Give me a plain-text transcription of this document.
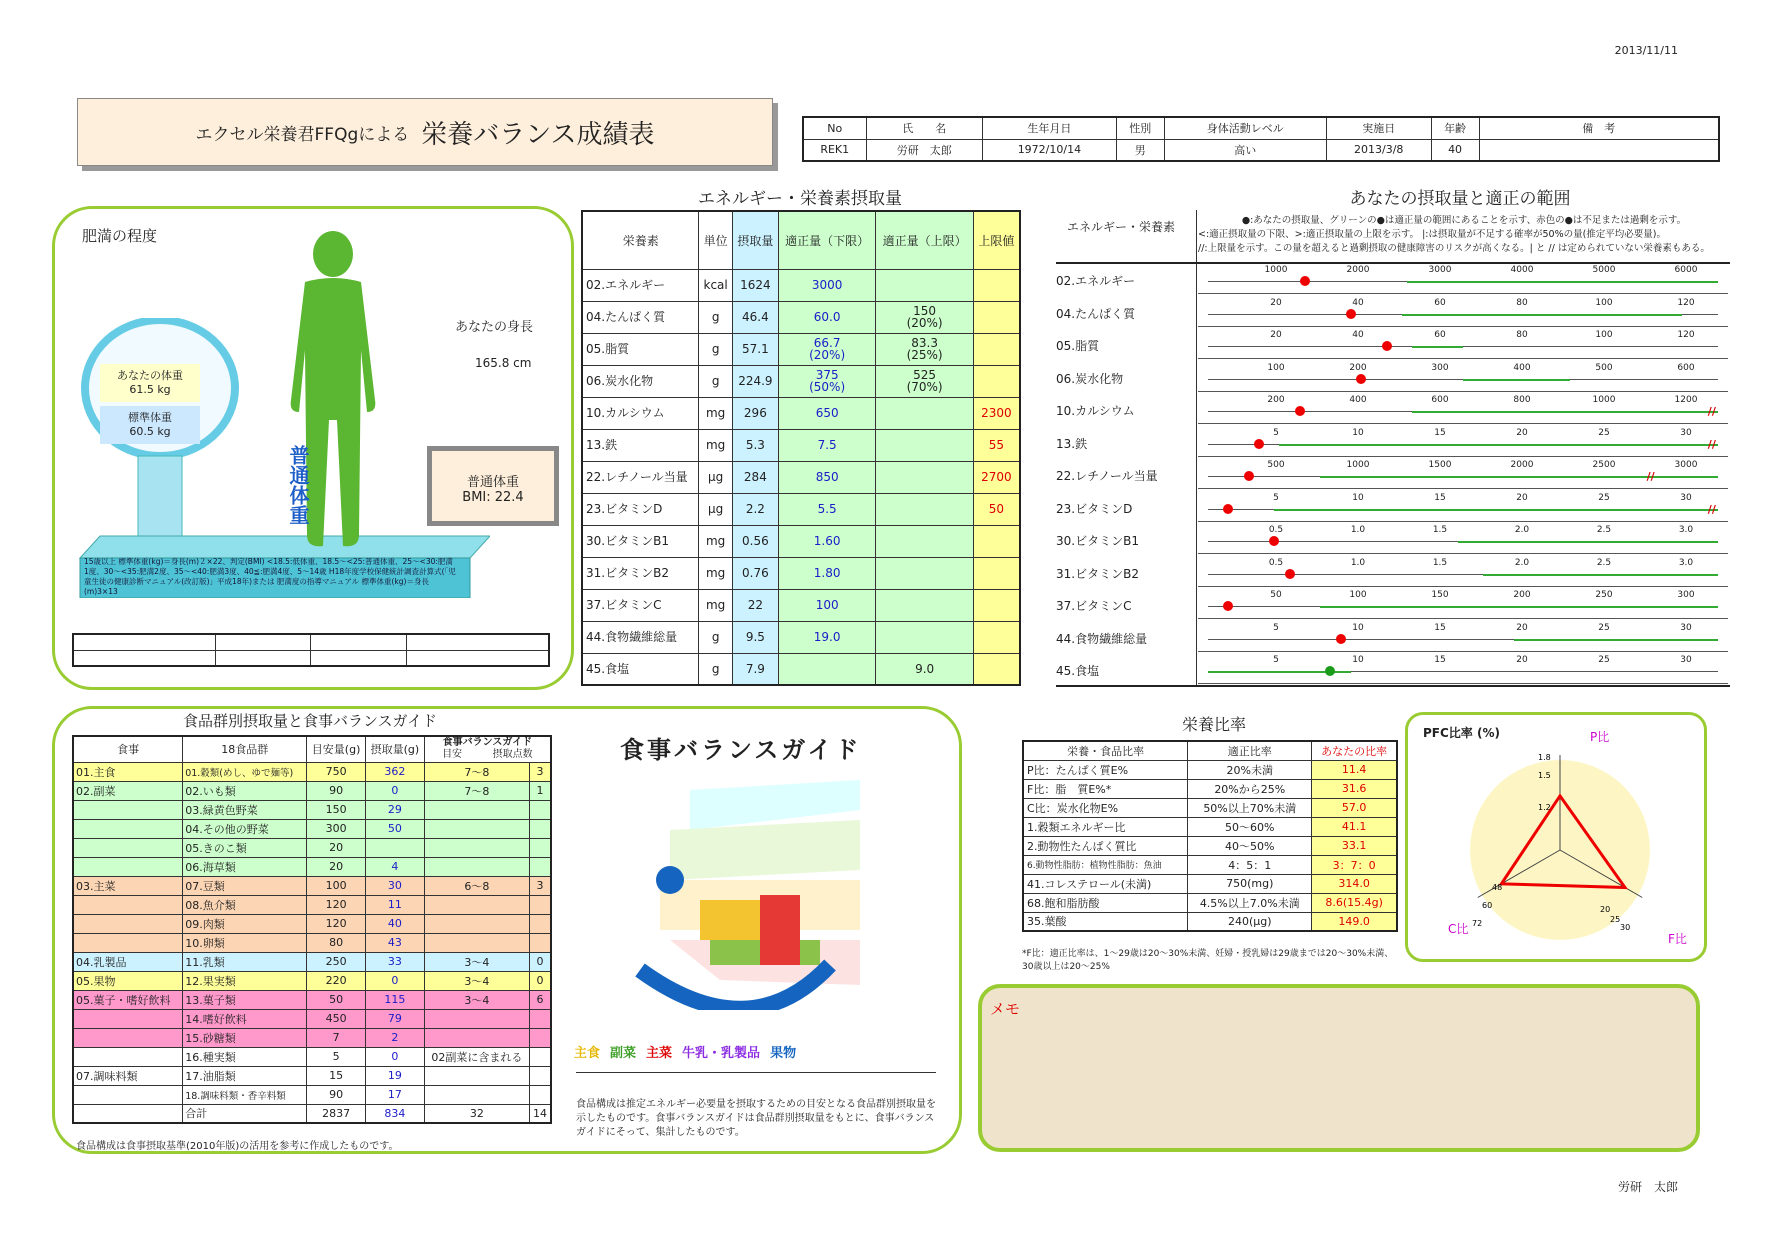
2013/11/11
労研　太郎
エクセル栄養君FFQgによる 栄養バランス成績表	No	氏　　名	生年月日	性別	身体活動レベル	実施日	年齢	備　考
REK1	労研　太郎	1972/10/14	男	高い	2013/3/8	40	
肥満の程度
あなたの身長
165.8 cm
あなたの体重
61.5 kg
標準体重
60.5 kg
普通体重	普通体重
BMI: 22.4
15歳以上 標準体重(kg)＝身長(m)２×22、判定(BMI) <18.5:低体重、18.5～<25:普通体重、25～<30:肥満1度、30～<35:肥満2度、35～<40:肥満3度、40≦:肥満4度、5～14歳 H18年度学校保健統計調査計算式(「児童生徒の健康診断マニュアル(改訂版)」平成18年)または 肥満度の指導マニュアル 標準体重(kg)＝身長(m)3×13

エネルギー・栄養素摂取量
栄養素	単位	摂取量	適正量（下限）	適正量（上限）	上限値
02.エネルギー	kcal	1624	3000		
04.たんぱく質	g	46.4	60.0	150
(20%)	
05.脂質	g	57.1	66.7
(20%)	83.3
(25%)	
06.炭水化物	g	224.9	375
(50%)	525
(70%)	
10.カルシウム	mg	296	650		2300
13.鉄	mg	5.3	7.5		55
22.レチノール当量	μg	284	850		2700
23.ビタミンD	μg	2.2	5.5		50
30.ビタミンB1	mg	0.56	1.60		
31.ビタミンB2	mg	0.76	1.80		
37.ビタミンC	mg	22	100		
44.食物繊維総量	g	9.5	19.0		
45.食塩	g	7.9		9.0	
あなたの摂取量と適正の範囲
エネルギー・栄養素	●:あなたの摂取量、グリーンの●は適正量の範囲にあることを示す、赤色の●は不足または過剰を示す。
<:適正摂取量の下限、>:適正摂取量の上限を示す。 |:は摂取量が不足する確率が50%の量(推定平均必要量)。
//:上限量を示す。この量を超えると過剰摂取の健康障害のリスクが高くなる。| と // は定められていない栄養素もある。
02.エネルギー
1000	2000	3000	4000	5000	6000
04.たんぱく質
20	40	60	80	100	120
05.脂質
20	40	60	80	100	120
06.炭水化物
100	200	300	400	500	600
10.カルシウム
200	400	600	800	1000	1200
//
13.鉄
5	10	15	20	25	30
//
22.レチノール当量
500	1000	1500	2000	2500	3000
//
23.ビタミンD
5	10	15	20	25	30
//
30.ビタミンB1
0.5	1.0	1.5	2.0	2.5	3.0
31.ビタミンB2
0.5	1.0	1.5	2.0	2.5	3.0
37.ビタミンC
50	100	150	200	250	300
44.食物繊維総量
5	10	15	20	25	30
45.食塩
5	10	15	20	25	30
食品群別摂取量と食事バランスガイド
食事	18食品群	目安量(g)	摂取量(g)	食事バランスガイド
目安 摂取点数	

01.主食	01.穀類(めし、ゆで麺等)	750	362	7～8	3
02.副菜	02.いも類	90	0	7～8	1
	03.緑黄色野菜	150	29		
	04.その他の野菜	300	50		
	05.きのこ類	20			
	06.海草類	20	4		
03.主菜	07.豆類	100	30	6～8	3
	08.魚介類	120	11		
	09.肉類	120	40		
	10.卵類	80	43		
04.乳製品	11.乳類	250	33	3～4	0
05.果物	12.果実類	220	0	3～4	0
05.菓子・嗜好飲料	13.菓子類	50	115	3～4	6
	14.嗜好飲料	450	79		
	15.砂糖類	7	2		
	16.種実類	5	0	02副菜に含まれる	
07.調味料類	17.油脂類	15	19		
	18.調味料類・香辛料類	90	17		
	合計	2837	834	32	14
食品構成は食事摂取基準(2010年版)の活用を参考に作成したものです。
食事バランスガイド
主食 副菜 主菜 牛乳・乳製品 果物
食品構成は推定エネルギー必要量を摂取するための目安となる食品群別摂取量を示したものです。食事バランスガイドは食品群別摂取量をもとに、食事バランスガイドにそって、集計したものです。
栄養比率
栄養・食品比率	適正比率	あなたの比率
P比：たんぱく質E%	20%未満	11.4
F比：脂　質E%*	20%から25%	31.6
C比：炭水化物E%	50%以上70%未満	57.0
1.穀類エネルギー比	50～60%	41.1
2.動物性たんぱく質比	40～50%	33.1
6.動物性脂肪：植物性脂肪：魚油	4：5：1	3：7：0
41.コレステロール(未満)	750(mg)	314.0
68.飽和脂肪酸	4.5%以上7.0%未満	8.6(15.4g)
35.葉酸	240(μg)	149.0
*F比：適正比率は、1～29歳は20～30%未満、妊婦・授乳婦は29歳までは20～30%未満、30歳以上は20～25%
PFC比率 (%)
1.8
1.5
1.2
48
60
72
20
25
30
P比
F比
C比
メモ
